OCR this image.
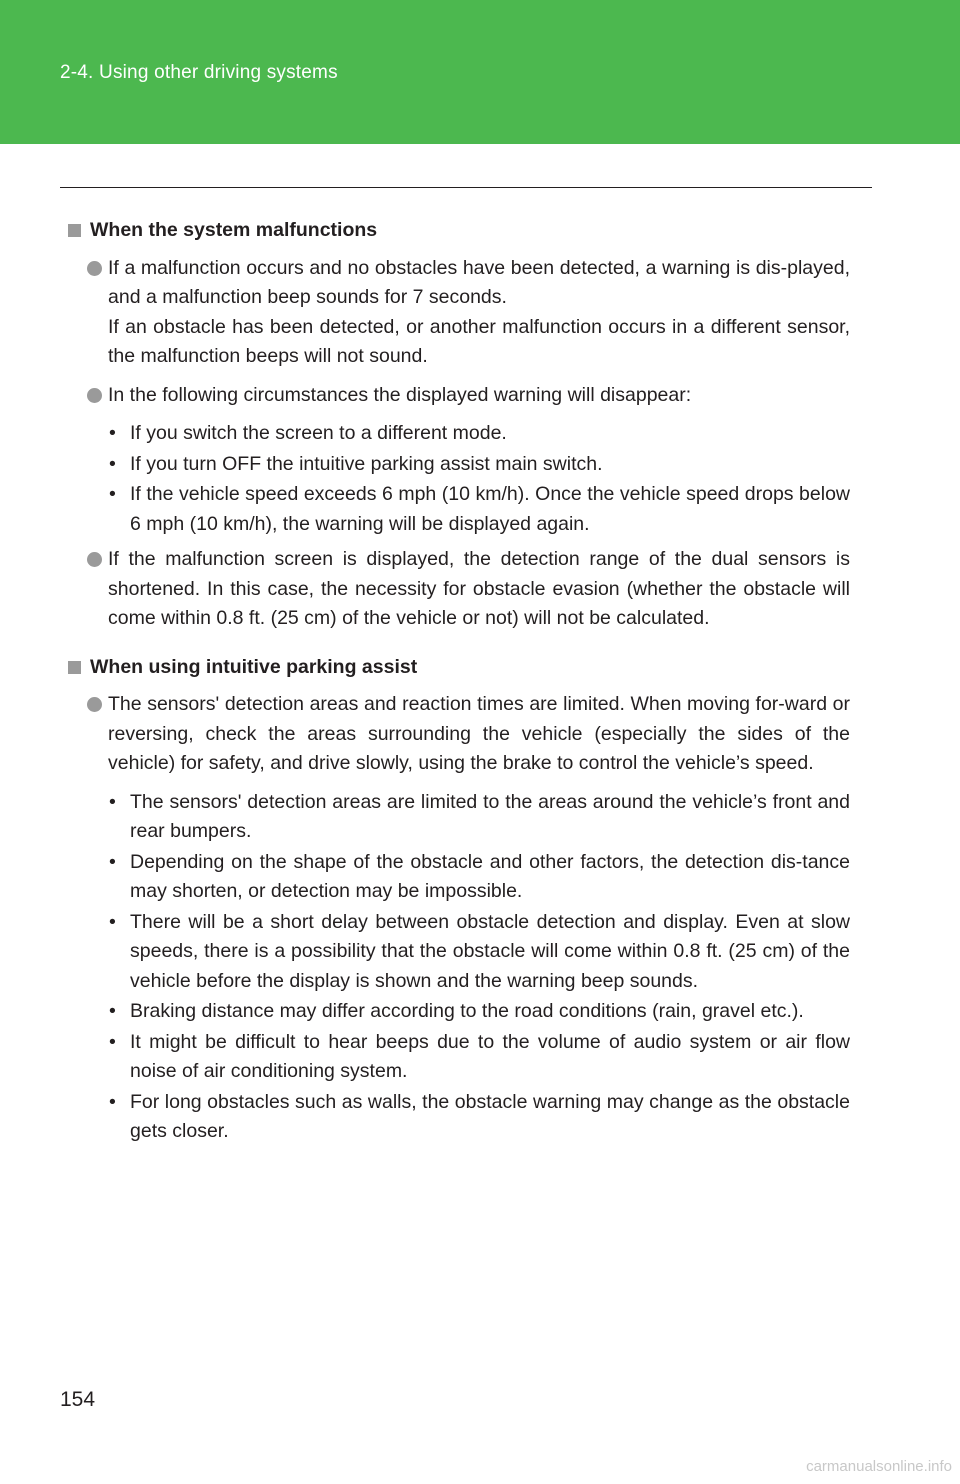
2-4. Using other driving systems
When the system malfunctions
If a malfunction occurs and no obstacles have been detected, a warning is dis-played, and a malfunction beep sounds for 7 seconds.
If an obstacle has been detected, or another malfunction occurs in a different sensor, the malfunction beeps will not sound.
In the following circumstances the displayed warning will disappear:
• If you switch the screen to a different mode.
• If you turn OFF the intuitive parking assist main switch.
• If the vehicle speed exceeds 6 mph (10 km/h). Once the vehicle speed drops below 6 mph (10 km/h), the warning will be displayed again.
If the malfunction screen is displayed, the detection range of the dual sensors is shortened. In this case, the necessity for obstacle evasion (whether the obstacle will come within 0.8 ft. (25 cm) of the vehicle or not) will not be calculated.
When using intuitive parking assist
The sensors' detection areas and reaction times are limited. When moving for-ward or reversing, check the areas surrounding the vehicle (especially the sides of the vehicle) for safety, and drive slowly, using the brake to control the vehicle’s speed.
• The sensors' detection areas are limited to the areas around the vehicle’s front and rear bumpers.
• Depending on the shape of the obstacle and other factors, the detection dis-tance may shorten, or detection may be impossible.
• There will be a short delay between obstacle detection and display. Even at slow speeds, there is a possibility that the obstacle will come within 0.8 ft. (25 cm) of the vehicle before the display is shown and the warning beep sounds.
• Braking distance may differ according to the road conditions (rain, gravel etc.).
• It might be difficult to hear beeps due to the volume of audio system or air flow noise of air conditioning system.
• For long obstacles such as walls, the obstacle warning may change as the obstacle gets closer.
154
carmanualsonline.info
